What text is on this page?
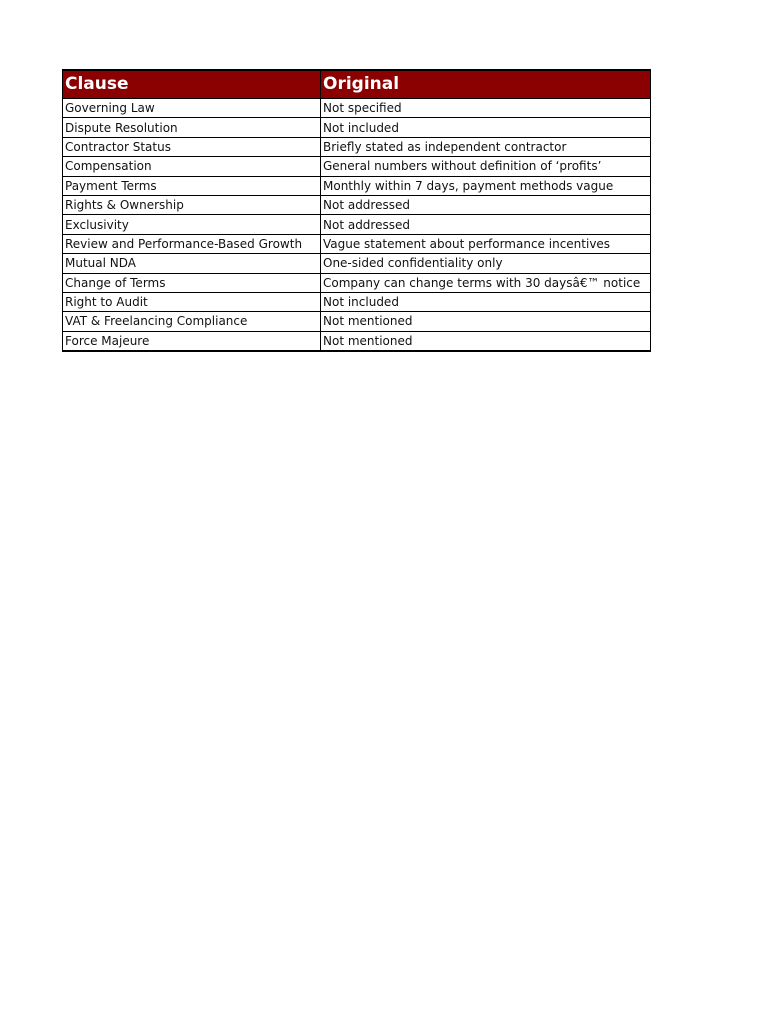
Clause	Original
Governing Law	Not specified
Dispute Resolution	Not included
Contractor Status	Briefly stated as independent contractor
Compensation	General numbers without definition of ‘profits’
Payment Terms	Monthly within 7 days, payment methods vague
Rights & Ownership	Not addressed
Exclusivity	Not addressed
Review and Performance-Based Growth	Vague statement about performance incentives
Mutual NDA	One-sided confidentiality only
Change of Terms	Company can change terms with 30 daysâ€™ notice
Right to Audit	Not included
VAT & Freelancing Compliance	Not mentioned
Force Majeure	Not mentioned
